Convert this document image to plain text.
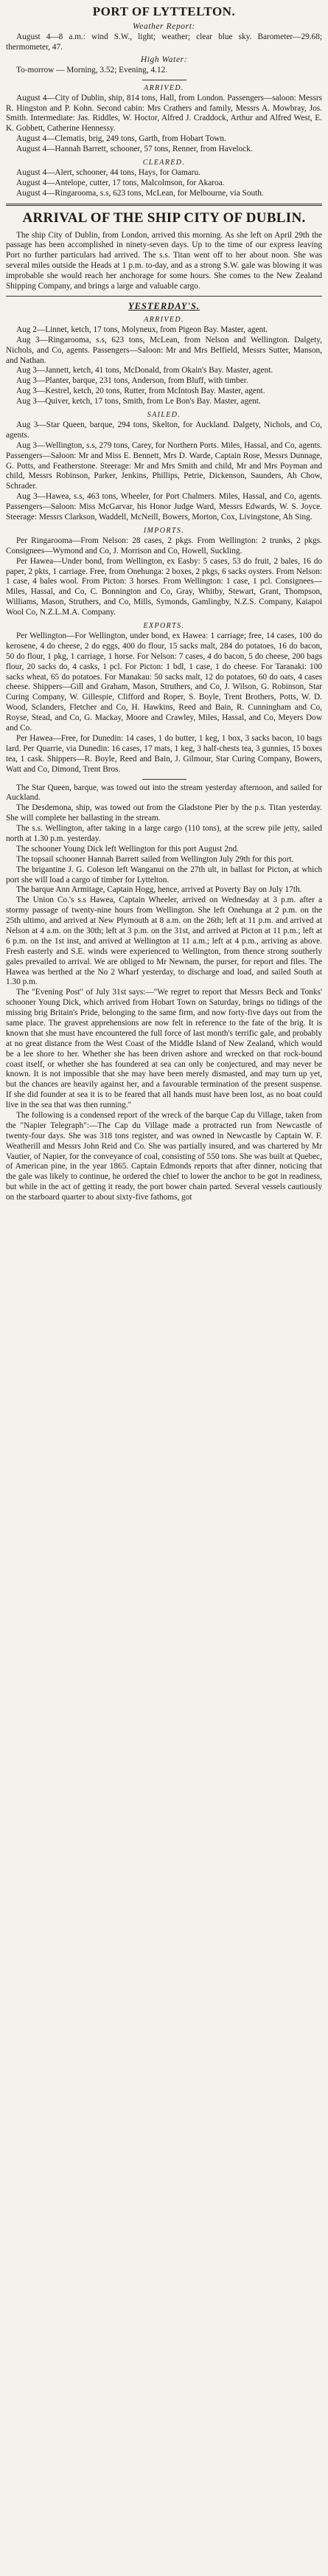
PORT OF LYTTELTON.
Weather Report:

August 4—8 a.m.: wind S.W., light; weather; clear blue sky. Barometer—29.68; thermometer, 47.

High Water:

To-morrow — Morning, 3.52; Evening, 4.12.

ARRIVED.

August 4—City of Dublin, ship, 814 tons, Hall, from London. Passengers—saloon: Messrs R. Hingston and P. Kohn. Second cabin: Mrs Crathers and family, Messrs A. Mowbray, Jos. Smith. Intermediate: Jas. Riddles, W. Hoctor, Alfred J. Craddock, Arthur and Alfred West, E. K. Gobbett, Catherine Hennessy.

August 4—Clematis, brig, 249 tons, Garth, from Hobart Town.

August 4—Hannah Barrett, schooner, 57 tons, Renner, from Havelock.

CLEARED.

August 4—Alert, schooner, 44 tons, Hays, for Oamaru.

August 4—Antelope, cutter, 17 tons, Malcolmson, for Akaroa.

August 4—Ringarooma, s.s, 623 tons, McLean, for Melbourne, via South.

ARRIVAL OF THE SHIP CITY OF DUBLIN.

The ship City of Dublin, from London, arrived this morning. As she left on April 29th the passage has been accomplished in ninety-seven days. Up to the time of our express leaving Port no further particulars had arrived. The s.s. Titan went off to her about noon. She was several miles outside the Heads at 1 p.m. to-day, and as a strong S.W. gale was blowing it was improbable she would reach her anchorage for some hours. She comes to the New Zealand Shipping Company, and brings a large and valuable cargo.

YESTERDAY'S.
ARRIVED.

Aug 2—Linnet, ketch, 17 tons, Molyneux, from Pigeon Bay. Master, agent.

Aug 3—Ringarooma, s.s, 623 tons, McLean, from Nelson and Wellington. Dalgety, Nichols, and Co, agents. Passengers—Saloon: Mr and Mrs Belfield, Messrs Sutter, Manson, and Nathan.

Aug 3—Jannett, ketch, 41 tons, McDonald, from Okain's Bay. Master, agent.

Aug 3—Planter, barque, 231 tons, Anderson, from Bluff, with timber.

Aug 3—Kestrel, ketch, 20 tons, Rutter, from McIntosh Bay. Master, agent.

Aug 3—Quiver, ketch, 17 tons, Smith, from Le Bon's Bay. Master, agent.

SAILED.

Aug 3—Star Queen, barque, 294 tons, Skelton, for Auckland. Dalgety, Nichols, and Co, agents.

Aug 3—Wellington, s.s, 279 tons, Carey, for Northern Ports. Miles, Hassal, and Co, agents. Passengers—Saloon: Mr and Miss E. Bennett, Mrs D. Warde, Captain Rose, Messrs Dunnage, G. Potts, and Featherstone. Steerage: Mr and Mrs Smith and child, Mr and Mrs Poyman and child, Messrs Robinson, Parker, Jenkins, Phillips, Petrie, Dickenson, Saunders, Ah Chow, Schrader.

Aug 3—Hawea, s.s, 463 tons, Wheeler, for Port Chalmers. Miles, Hassal, and Co, agents. Passengers—Saloon: Miss McGarvar, his Honor Judge Ward, Messrs Edwards, W. S. Joyce. Steerage: Messrs Clarkson, Waddell, McNeill, Bowers, Morton, Cox, Livingstone, Ah Sing.

IMPORTS.

Per Ringarooma—From Nelson: 28 cases, 2 pkgs. From Wellington: 2 trunks, 2 pkgs. Consignees—Wymond and Co, J. Morrison and Co, Howell, Suckling.

Per Hawea—Under bond, from Wellington, ex Easby: 5 cases, 53 do fruit, 2 bales, 16 do paper, 2 pkts, 1 carriage. Free, from Onehunga: 2 boxes, 2 pkgs, 6 sacks oysters. From Nelson: 1 case, 4 bales wool. From Picton: 3 horses. From Wellington: 1 case, 1 pcl. Consignees—Miles, Hassal, and Co, C. Bonnington and Co, Gray, Whitby, Stewart, Grant, Thompson, Williams, Mason, Struthers, and Co, Mills, Symonds, Gamlingby, N.Z.S. Company, Kaiapoi Wool Co, N.Z.L.M.A. Company.

EXPORTS.

Per Wellington—For Wellington, under bond, ex Hawea: 1 carriage; free, 14 cases, 100 do kerosene, 4 do cheese, 2 do eggs, 400 do flour, 15 sacks malt, 284 do potatoes, 16 do bacon, 50 do flour, 1 pkg, 1 carriage, 1 horse. For Nelson: 7 cases, 4 do bacon, 5 do cheese, 200 bags flour, 20 sacks do, 4 casks, 1 pcl. For Picton: 1 bdl, 1 case, 1 do cheese. For Taranaki: 100 sacks wheat, 65 do potatoes. For Manakau: 50 sacks malt, 12 do potatoes, 60 do oats, 4 cases cheese. Shippers—Gill and Graham, Mason, Struthers, and Co, J. Wilson, G. Robinson, Star Curing Company, W. Gillespie, Clifford and Roper, S. Boyle, Trent Brothers, Potts, W. D. Wood, Sclanders, Fletcher and Co, H. Hawkins, Reed and Bain, R. Cunningham and Co, Royse, Stead, and Co, G. Mackay, Moore and Crawley, Miles, Hassal, and Co, Meyers Dow and Co.

Per Hawea—Free, for Dunedin: 14 cases, 1 do butter, 1 keg, 1 box, 3 sacks bacon, 10 bags lard. Per Quarrie, via Dunedin: 16 cases, 17 mats, 1 keg, 3 half-chests tea, 3 gunnies, 15 boxes tea, 1 cask. Shippers—R. Boyle, Reed and Bain, J. Gilmour, Star Curing Company, Bowers, Watt and Co, Dimond, Trent Bros.

The Star Queen, barque, was towed out into the stream yesterday afternoon, and sailed for Auckland.

The Desdemona, ship, was towed out from the Gladstone Pier by the p.s. Titan yesterday. She will complete her ballasting in the stream.

The s.s. Wellington, after taking in a large cargo (110 tons), at the screw pile jetty, sailed north at 1.30 p.m. yesterday.

The schooner Young Dick left Wellington for this port August 2nd.

The topsail schooner Hannah Barrett sailed from Wellington July 29th for this port.

The brigantine J. G. Coleson left Wanganui on the 27th ult, in ballast for Picton, at which port she will load a cargo of timber for Lyttelton.

The barque Ann Armitage, Captain Hogg, hence, arrived at Poverty Bay on July 17th.

The Union Co.'s s.s Hawea, Captain Wheeler, arrived on Wednesday at 3 p.m. after a stormy passage of twenty-nine hours from Wellington. She left Onehunga at 2 p.m. on the 25th ultimo, and arrived at New Plymouth at 8 a.m. on the 26th; left at 11 p.m. and arrived at Nelson at 4 a.m. on the 30th; left at 3 p.m. on the 31st, and arrived at Picton at 11 p.m.; left at 6 p.m. on the 1st inst, and arrived at Wellington at 11 a.m.; left at 4 p.m., arriving as above. Fresh easterly and S.E. winds were experienced to Wellington, from thence strong southerly gales prevailed to arrival. We are obliged to Mr Newnam, the purser, for report and files. The Hawea was berthed at the No 2 Wharf yesterday, to discharge and load, and sailed South at 1.30 p.m.

The "Evening Post" of July 31st says:—"We regret to report that Messrs Beck and Tonks' schooner Young Dick, which arrived from Hobart Town on Saturday, brings no tidings of the missing brig Britain's Pride, belonging to the same firm, and now forty-five days out from the same place. The gravest apprehensions are now felt in reference to the fate of the brig. It is known that she must have encountered the full force of last month's terrific gale, and probably at no great distance from the West Coast of the Middle Island of New Zealand, which would be a lee shore to her. Whether she has been driven ashore and wrecked on that rock-bound coast itself, or whether she has foundered at sea can only be conjectured, and may never be known. It is not impossible that she may have been merely dismasted, and may turn up yet, but the chances are heavily against her, and a favourable termination of the present suspense. If she did founder at sea it is to be feared that all hands must have been lost, as no boat could live in the sea that was then running."

The following is a condensed report of the wreck of the barque Cap du Village, taken from the "Napier Telegraph":—The Cap du Village made a protracted run from Newcastle of twenty-four days. She was 318 tons register, and was owned in Newcastle by Captain W. F. Weatherill and Messrs John Reid and Co. She was partially insured, and was chartered by Mr Vautier, of Napier, for the conveyance of coal, consisting of 550 tons. She was built at Quebec, of American pine, in the year 1865. Captain Edmonds reports that after dinner, noticing that the gale was likely to continue, he ordered the chief to lower the anchor to be got in readiness, but while in the act of getting it ready, the port bower chain parted. Several vessels cautiously on the starboard quarter to about sixty-five fathoms, got
